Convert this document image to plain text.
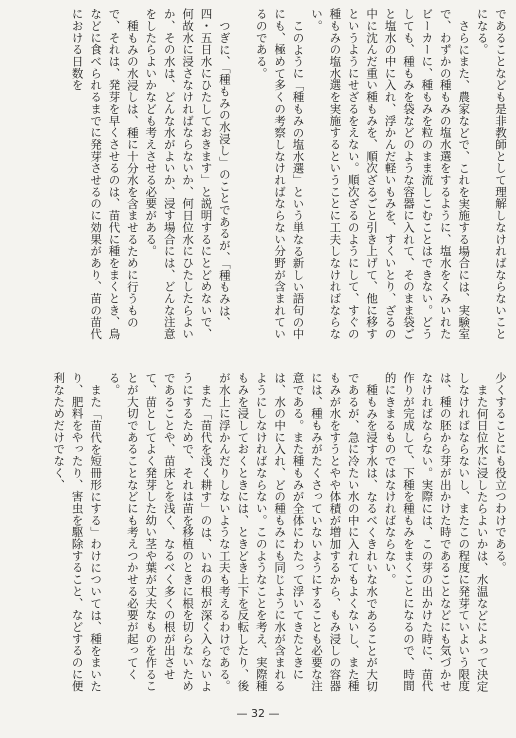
であることなども是非教師として理解しなければならないことになる。

さらにまた、農家などで、これを実施する場合には、実験室で、わずかの種もみの塩水選をするように、塩水をくみいれたビーカーに、種もみを粒のまま流しこむことはできない。どうしても、種もみを袋などのような容器に入れて、そのまま袋ごと塩水の中に入れ、浮かんだ軽いもみを、すくいとり、ざるの中に沈んだ重い種もみを、順次ざるごと引き上げて、他に移すというようにせざるをえない。順次ざるのようにして、すぐの種もみの塩水選を実施するということに工夫しなければならない。

このように「種もみの塩水選」という単なる新しい語句の中にも、極めて多くの考察しなければならない分野が含まれているのである。

つぎに、「種もみの水浸し」のことであるが、「種もみは、四・五日水にひたしておきます」と説明するにとどめないで、何故水に浸さなければならないか、何日位水にひたしたらよいか、その水は、どんな水がよいか、浸す場合には、どんな注意をしたらよいかなども考えさせる必要がある。

種もみの水浸しは、種に十分水を含ませるために行うもので、それは、発芽を早くさせるのは、苗代に種をまくとき、鳥などに食べられるまでに発芽させるのに効果があり、苗の苗代における日数を

少くすることにも役立つわけである。

また何日位水に浸したらよいかは、水温などによって決定しなければならないし、またこの程度に発芽ていよいう限度は、種の胚から芽が出かけた時であることなどにも気づかせなければならない。実際には、この芽の出かけた時に、苗代作りが完成して、下種を種もみをまくことになるので、時間的にきまるものではなければならない。

種もみを浸す水は、なるべくきれいな水であることが大切であるが、急に冷たい水の中に入れてもよくないし、また種もみが水をすうとやや体積が増加するから、もみ浸しの容器には、種もみがたくさっていないようにすることも必要な注意である。また種もみが全体にわたって浮いてきたときには、水の中に入れ、どの種もみにも同じように水が含まれるようにしなければならない。このようなことを考え、実際種もみを浸しておくときには、ときどき上下を反転したり、後が水上に浮かんだりしないような工夫も考えるわけである。

また「苗代を浅く耕す」のは、いねの根が深く入らないようにするためで、それは苗を移植のときに根を切らないためであることや、苗床とを浅く、なるべく多くの根が出させて、苗としてよく発芽した幼い茎や葉が丈夫なものを作ることが大切であることなどにも考えつかせる必要が起ってくる。

また「苗代を短冊形にする」わけについては、種をまいたり、肥料をやったり、害虫を駆除すること、などするのに便利なためだけでなく、

— 32 —
